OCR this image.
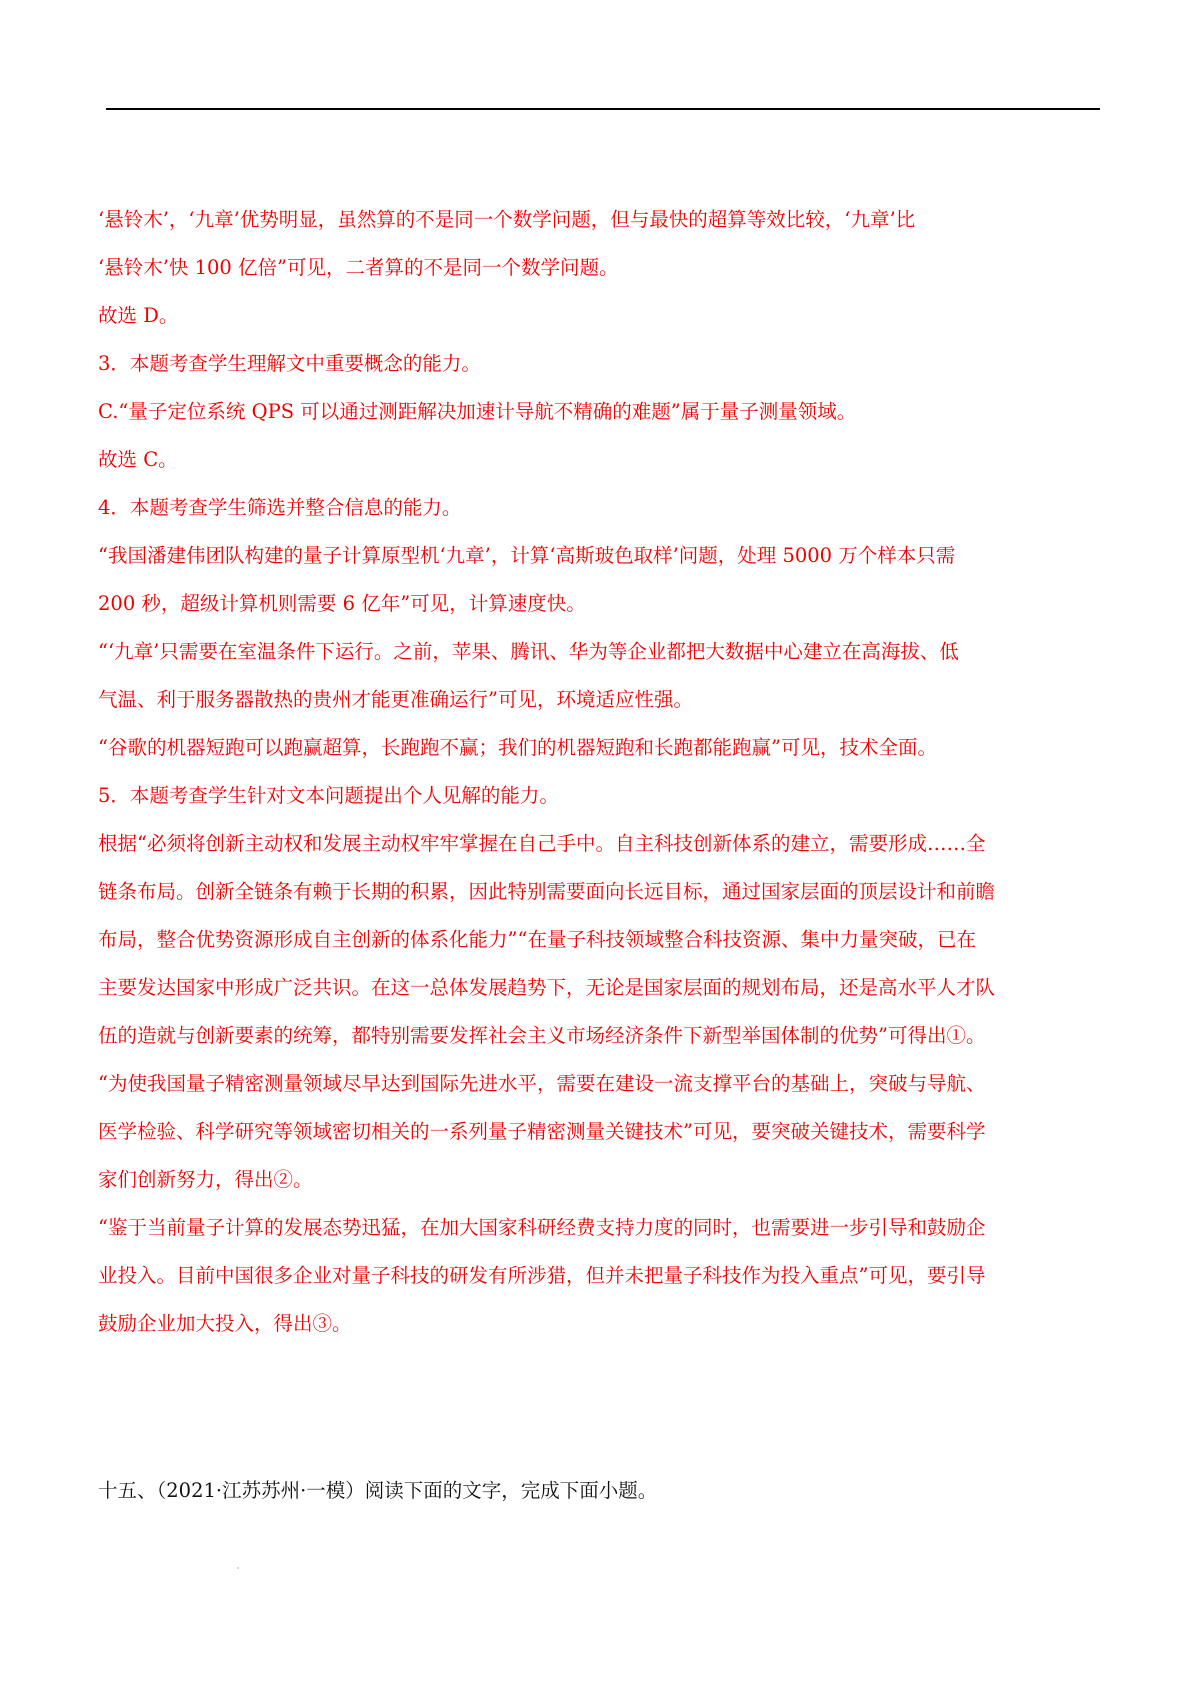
‘悬铃木’，‘九章’优势明显，虽然算的不是同一个数学问题，但与最快的超算等效比较，‘九章’比
‘悬铃木’快 100 亿倍”可见，二者算的不是同一个数学问题。
故选 D。
3．本题考查学生理解文中重要概念的能力。
C.“量子定位系统 QPS 可以通过测距解决加速计导航不精确的难题”属于量子测量领域。
故选 C。
4．本题考查学生筛选并整合信息的能力。
“我国潘建伟团队构建的量子计算原型机‘九章’，计算‘高斯玻色取样’问题，处理 5000 万个样本只需
200 秒，超级计算机则需要 6 亿年”可见，计算速度快。
“‘九章’只需要在室温条件下运行。之前，苹果、腾讯、华为等企业都把大数据中心建立在高海拔、低
气温、利于服务器散热的贵州才能更准确运行”可见，环境适应性强。
“谷歌的机器短跑可以跑赢超算，长跑跑不赢；我们的机器短跑和长跑都能跑赢”可见，技术全面。
5．本题考查学生针对文本问题提出个人见解的能力。
根据“必须将创新主动权和发展主动权牢牢掌握在自己手中。自主科技创新体系的建立，需要形成……全
链条布局。创新全链条有赖于长期的积累，因此特别需要面向长远目标，通过国家层面的顶层设计和前瞻
布局，整合优势资源形成自主创新的体系化能力”“在量子科技领域整合科技资源、集中力量突破，已在
主要发达国家中形成广泛共识。在这一总体发展趋势下，无论是国家层面的规划布局，还是高水平人才队
伍的造就与创新要素的统筹，都特别需要发挥社会主义市场经济条件下新型举国体制的优势”可得出①。
“为使我国量子精密测量领域尽早达到国际先进水平，需要在建设一流支撑平台的基础上，突破与导航、
医学检验、科学研究等领域密切相关的一系列量子精密测量关键技术”可见，要突破关键技术，需要科学
家们创新努力，得出②。
“鉴于当前量子计算的发展态势迅猛，在加大国家科研经费支持力度的同时，也需要进一步引导和鼓励企
业投入。目前中国很多企业对量子科技的研发有所涉猎，但并未把量子科技作为投入重点”可见，要引导
鼓励企业加大投入，得出③。
十五、（2021·江苏苏州·一模）阅读下面的文字，完成下面小题。
